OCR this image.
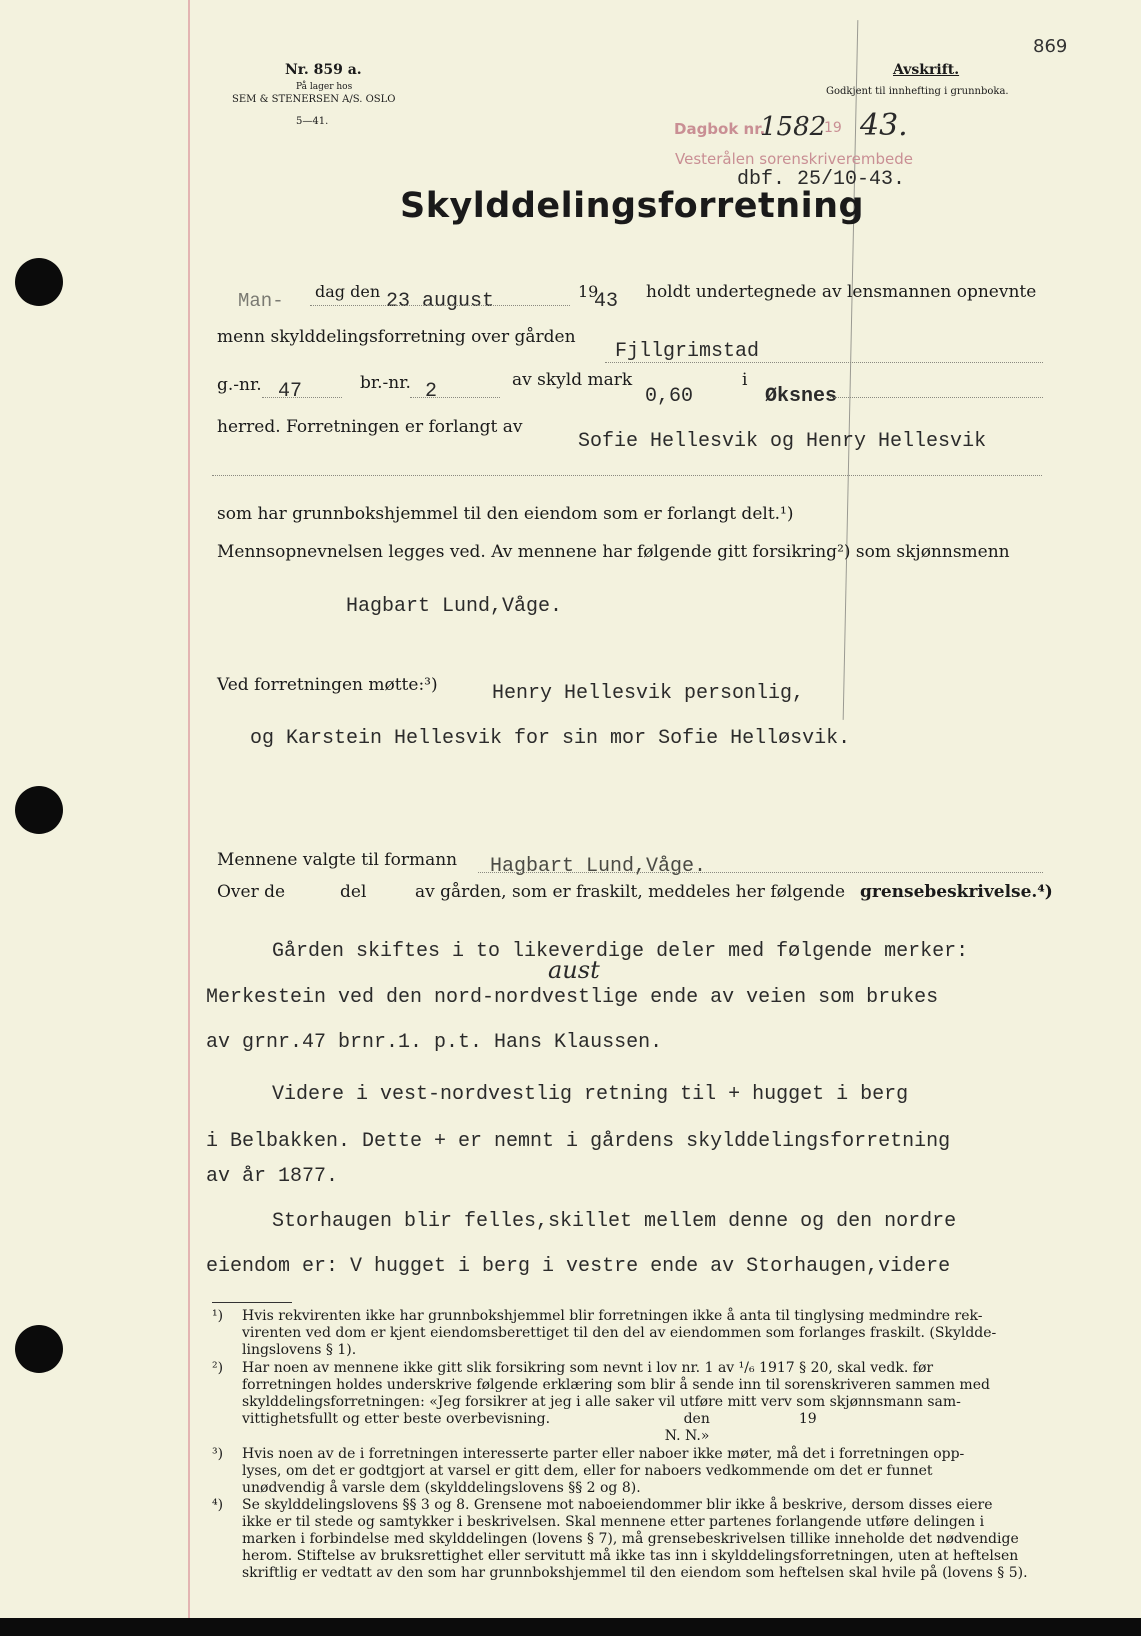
869
Nr. 859 a.
På lager hos
SEM & STENERSEN A/S. OSLO
5—41.
Avskrift.
Godkjent til innhefting i grunnboka.
Dagbok nr.
1582
19 43.
Vesterålen sorenskriverembede
dbf. 25/10-43.
Skylddelingsforretning
Man- dag den 23 august	19
43 holdt undertegnede av lensmannen opnevnte
menn skylddelingsforretning over gården
Fjllgrimstad
g.-nr. 47	br.-nr. 2	av skyld mark
0,60
i
Øksnes
herred. Forretningen er forlangt av
Sofie Hellesvik og Henry Hellesvik
som har grunnbokshjemmel til den eiendom som er forlangt delt.¹)
Mennsopnevnelsen legges ved. Av mennene har følgende gitt forsikring²) som skjønnsmenn
Hagbart Lund,Våge.
Ved forretningen møtte:³)	Henry Hellesvik personlig,
og Karstein Hellesvik for sin mor Sofie Helløsvik.
Mennene valgte til formann Hagbart Lund,Våge.
Over de	del	av gården, som er fraskilt, meddeles her følgende grensebeskrivelse.⁴)
aust
Gården skiftes i to likeverdige deler med følgende merker:
Merkestein ved den nord-nordvestlige ende av veien som brukes
av grnr.47 brnr.1. p.t. Hans Klaussen.
Videre i vest-nordvestlig retning til + hugget i berg
i Belbakken. Dette + er nemnt i gårdens skylddelingsforretning
av år 1877.
Storhaugen blir felles,skillet mellem denne og den nordre
eiendom er: V hugget i berg i vestre ende av Storhaugen,videre
¹) Hvis rekvirenten ikke har grunnbokshjemmel blir forretningen ikke å anta til tinglysing medmindre rek-
virenten ved dom er kjent eiendomsberettiget til den del av eiendommen som forlanges fraskilt. (Skyldde-
lingslovens § 1).
²) Har noen av mennene ikke gitt slik forsikring som nevnt i lov nr. 1 av ¹/₆ 1917 § 20, skal vedk. før
forretningen holdes underskrive følgende erklæring som blir å sende inn til sorenskriveren sammen med
skylddelingsforretningen: «Jeg forsikrer at jeg i alle saker vil utføre mitt verv som skjønnsmann sam-
vittighetsfullt og etter beste overbevisning.                              den                    19
N. N.»
³) Hvis noen av de i forretningen interesserte parter eller naboer ikke møter, må det i forretningen opp-
lyses, om det er godtgjort at varsel er gitt dem, eller for naboers vedkommende om det er funnet
unødvendig å varsle dem (skylddelingslovens §§ 2 og 8).
⁴) Se skylddelingslovens §§ 3 og 8. Grensene mot naboeiendommer blir ikke å beskrive, dersom disses eiere
ikke er til stede og samtykker i beskrivelsen. Skal mennene etter partenes forlangende utføre delingen i
marken i forbindelse med skylddelingen (lovens § 7), må grensebeskrivelsen tillike inneholde det nødvendige
herom. Stiftelse av bruksrettighet eller servitutt må ikke tas inn i skylddelingsforretningen, uten at heftelsen
skriftlig er vedtatt av den som har grunnbokshjemmel til den eiendom som heftelsen skal hvile på (lovens § 5).
